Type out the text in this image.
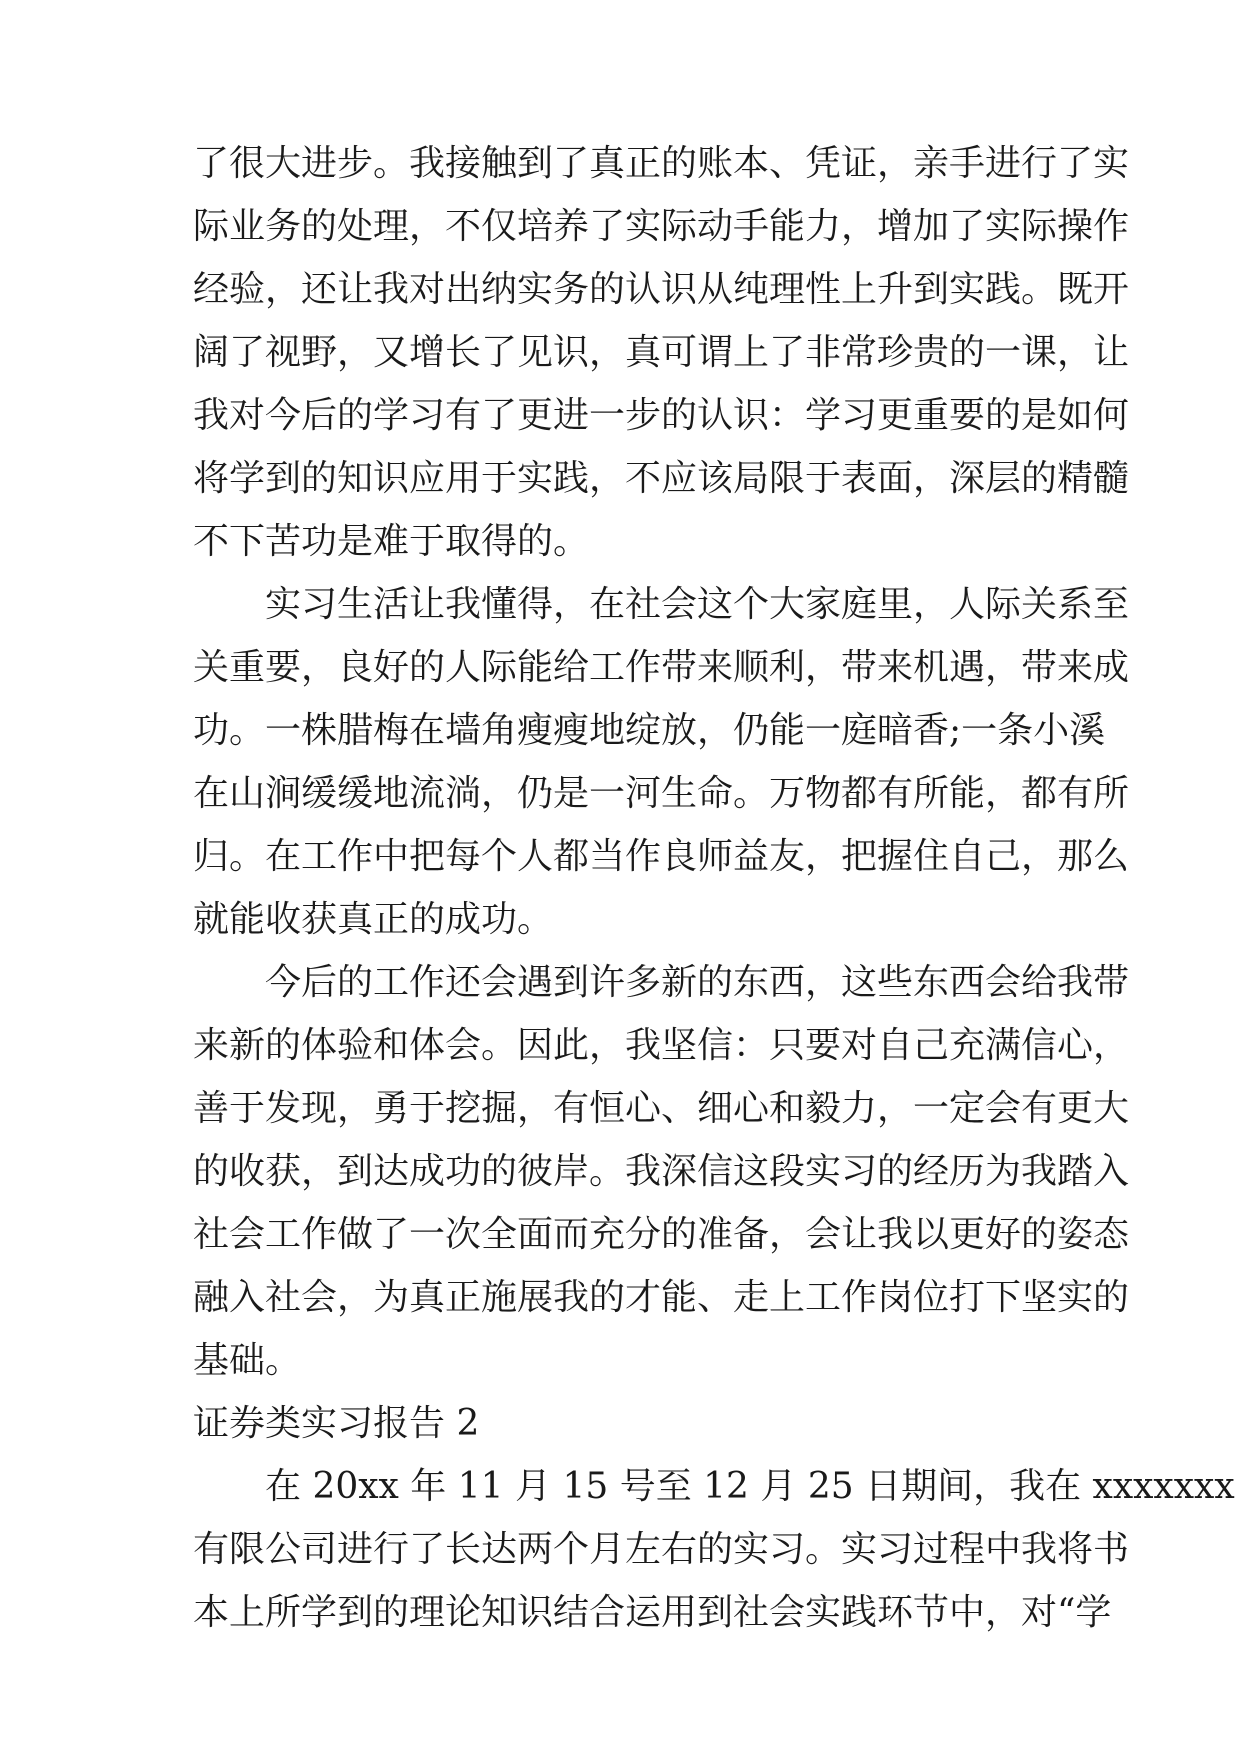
了很大进步。我接触到了真正的账本、凭证，亲手进行了实
际业务的处理，不仅培养了实际动手能力，增加了实际操作
经验，还让我对出纳实务的认识从纯理性上升到实践。既开
阔了视野，又增长了见识，真可谓上了非常珍贵的一课，让
我对今后的学习有了更进一步的认识：学习更重要的是如何
将学到的知识应用于实践，不应该局限于表面，深层的精髓
不下苦功是难于取得的。
实习生活让我懂得，在社会这个大家庭里，人际关系至
关重要，良好的人际能给工作带来顺利，带来机遇，带来成
功。一株腊梅在墙角瘦瘦地绽放，仍能一庭暗香;一条小溪
在山涧缓缓地流淌，仍是一河生命。万物都有所能，都有所
归。在工作中把每个人都当作良师益友，把握住自己，那么
就能收获真正的成功。
今后的工作还会遇到许多新的东西，这些东西会给我带
来新的体验和体会。因此，我坚信：只要对自己充满信心，
善于发现，勇于挖掘，有恒心、细心和毅力，一定会有更大
的收获，到达成功的彼岸。我深信这段实习的经历为我踏入
社会工作做了一次全面而充分的准备，会让我以更好的姿态
融入社会，为真正施展我的才能、走上工作岗位打下坚实的
基础。
证券类实习报告 2
在 20xx 年 11 月 15 号至 12 月 25 日期间，我在 xxxxxxx
有限公司进行了长达两个月左右的实习。实习过程中我将书
本上所学到的理论知识结合运用到社会实践环节中，对“学
